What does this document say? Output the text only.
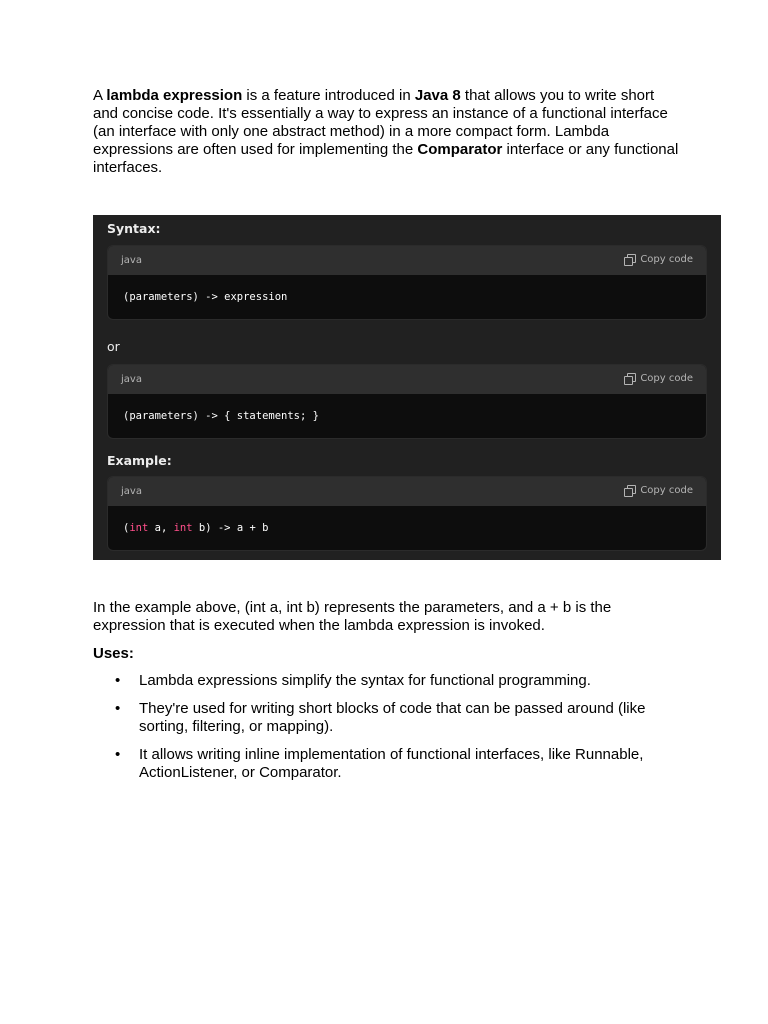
A lambda expression is a feature introduced in Java 8 that allows you to write short and concise code. It's essentially a way to express an instance of a functional interface (an interface with only one abstract method) in a more compact form. Lambda expressions are often used for implementing the Comparator interface or any functional interfaces.

Syntax:
java	Copy code
(parameters) -> expression
or
java	Copy code
(parameters) -> { statements; }
Example:
java	Copy code
(int a, int b) -> a + b

In the example above, (int a, int b) represents the parameters, and a + b is the expression that is executed when the lambda expression is invoked.

Uses:

• Lambda expressions simplify the syntax for functional programming.
• They're used for writing short blocks of code that can be passed around (like sorting, filtering, or mapping).
• It allows writing inline implementation of functional interfaces, like Runnable, ActionListener, or Comparator.
